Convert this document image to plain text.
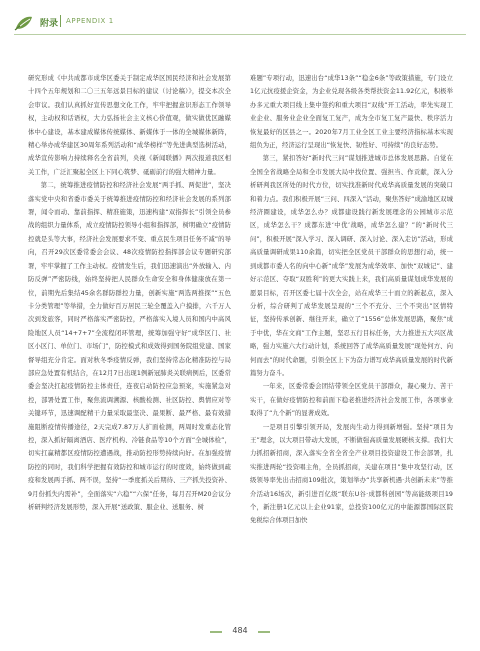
附录 APPENDIX 1

研究形成《中共成都市成华区委关于制定成华区国民经济和社会发展第十四个五年规划和二〇三五年远景目标的建议（讨论稿）》，提交本次全会审议。我们认真抓好宣传思想文化工作，牢牢把握意识形态工作领导权，主动权和话语权，大力弘扬社会主义核心价值观，做实做优区融媒体中心建设，基本建成媒体传统媒体、新媒体于一体的全城媒体新阵，精心举办成华建区30周年系列活动和“成华榜样”等先进典型选树活动，成华宣传影响力持续释名全省前列，央视《新闻联播》两次报道我区相关工作，广泛汇聚起全区上下同心筑梦、砥砺前行的强大精神力量。

第二，统筹推进疫情防控和经济社会发展“两手抓、两促进”，坚决落实党中央和省委市委关于统筹推进疫情防控和经济社会发展的系列部署，闻令而动、靠前指挥、精准施策，迅速构建“双指挥长”引领全员参战的组织力量体系，成立疫情防控领导小组和指挥部，树明确立“疫情防控就是头等大事，经济社会发展要求不变、重点民生项目任务不减”的导向，召开29次区委常委会会议、48次疫情防控指挥部会议专题研究部署，牢牢掌握了工作主动权。疫情发生后，我们迅速演出“外放输入、内防反弹”严密防线，始终坚持把人民群众生命安全和身体健康放在第一位，前期先后集结45余名群防群控力量，创新实施“两选两推探”“五色卡分类管理”等举措，全力做好百万居民三轮全覆盖入户摸排，六千万人次到发旅客，同时严格落实严密防控，严格落实入境人员和国内中高风险地区人员“14+7+7”全流程闭环管理，统筹加强守好“成华区门、社区小区门、单位门、市场门”，防控模式和成效得到国务院组党建、国家督导组充分肯定。面对秋冬季疫情反弹，我们坚持常态化精准防控与局部应急处置有机结合，在12月7日出现1例新冠肺炎关联病例后，区委常委会坚决扛起疫情防控主体责任，连夜启动防控应急预案，实施紧急对控，部署处置工作，聚焦流调溯源、核酸检测、社区防控、舆情应对等关键环节，迅速调配精干力量采取最坚决、最果断、最严格、最有效措施阻断疫情传播途径，2天完成7.87万人扩面检测，两周时发重态化管控，深入抓好隔离酒店、医疗机构、冷链食品等10个方面“全城体检”，切实扛赢精都区疫情防控遭遇战，推动防控形势持续向好。在加强疫情防控的同时，我们科学把握有效防控和城市运行的时度效，始终做到疏疫和发展两手抓、两不误，坚持“一季度抓关后期待、三产抓失投资补、9月份抓失内需补”，全面落实“六稳”“六保”任务，每月召开M20会议分析研判经济发展形势，深入开展“送政策、服企业、送服务、树

难题”专项行动，迅速出台“成华13条”“稳金6条”等政策措施，专门设立1亿元抗疫援企资金，为企业兑现各级各类帮扶资金11.92亿元，积极举办多元重大项目线上集中签约和重大项目“双线”开工活动，率先实现工业企业、服务业企业全面复工复产，成为全市复工复产最快、秩序活力恢复最好的区县之一。2020年7月工业全区工业主要经济指标基本实现组负为正，经济运行呈现出“恢复快、韧性好、可持续”的良好态势。

第三，紧扣答好“新时代三问”谋划推进城市总体发展思路。自觉在全国全省战略全局和全市发展大局中找位置、强担当、作贡献，深入分析研判我区所处的时代方位，切实找准新时代成华高质量发展的突破口和着力点。我们积极开展“三问、四深入”活动，聚焦答好“成渝地区双城经济圈建设，成华怎么办？成都建设践行新发展理念的公园城市示范区，成华怎么干？成都东进‘中优’战略，成华怎么建？”的“新时代三问”，积极开展“深入学习、深入调研、深入讨论、深入走访”活动，形成高质量调研成果110余篇，切实把全区党员干部群众的思想行动，统一到成都市委人名的向中心新“成华”发展为成华效率、加快“双城记”、建好示范区、夺取“双胜利”的更大实践上来，我们高质量谋划成华发展的愿景目标，召开区委七届十次全会，站在成华三十而立的新起点，深入分析，综合研判了成华发展呈现的“三个不充分、三个不突出”区情特征，坚持传承创新、继往开来，确立了“1556”总体发展思路，聚焦“成于中优，华在文商”工作主题，坚忍五行目标任务，大力推进五大兴区战略，强力实施六大行动计划，系统回答了成华高质量发展“现处何方、向何而去”的时代命题，引领全区上下为奋力谱写成华高质量发展的时代新篇努力奋斗。

一年来，区委常委会团结带领全区党员干部群众，凝心聚力、苦干实干，在做好疫情防控和前面下稳老推进经济社会发展工作，各项事业取得了“九个新”的显著成效。

一是项目引擎引领开局，发展肉生动力得到新增强。坚持“项目为王”理念，以大项目带动大发展，不断做强高质量发展硬核支撑。我们大力抓招新招商，深入落实全省全省全产业项目投资建设工作会部署，扎实推进两轮“投资唱主角，全员抓招商，关建在项目”集中攻坚行动，区级领导率先出击招商109批次，策划举办“共享新机遇·共创新未来”等推介活动16场次，新引进百亿级“联东U谷·成都科创园”等高能级项目19个，新注册1亿元以上企业91家，总投资100亿元的中能源都国际区院免税综合体项目加快

484
